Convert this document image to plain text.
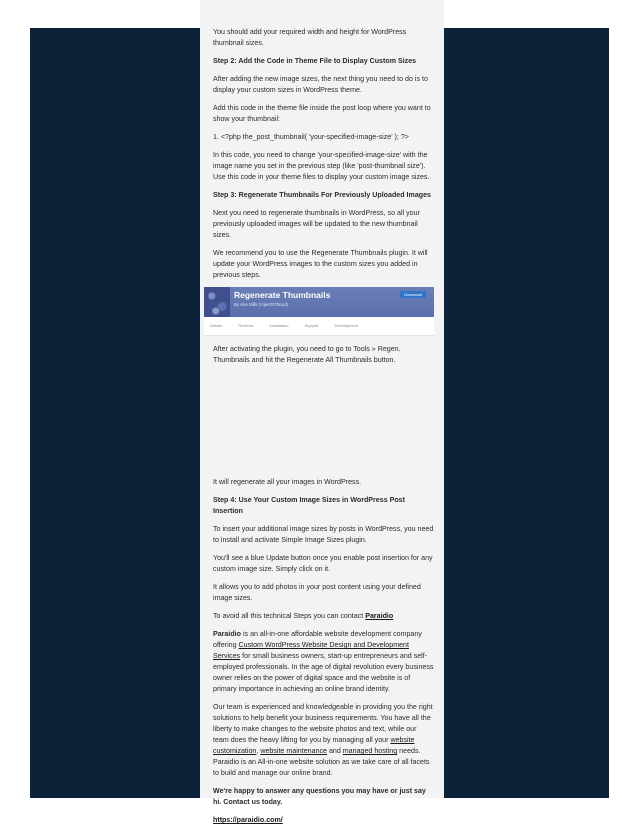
You should add your required width and height for WordPress thumbnail sizes.

Step 2: Add the Code in Theme File to Display Custom Sizes

After adding the new image sizes, the next thing you need to do is to display your custom sizes in WordPress theme.

Add this code in the theme file inside the post loop where you want to show your thumbnail:

1. <?php the_post_thumbnail( 'your-specified-image-size' ); ?>

In this code, you need to change 'your-specified-image-size' with the image name you set in the previous step (like 'post-thumbnail size'). Use this code in your theme files to display your custom image sizes.

Step 3: Regenerate Thumbnails For Previously Uploaded Images

Next you need to regenerate thumbnails in WordPress, so all your previously uploaded images will be updated to the new thumbnail sizes.

We recommend you to use the Regenerate Thumbnails plugin. It will update your WordPress images to the custom sizes you added in previous steps.

Regenerate Thumbnails
By Alex Mills (Viper007Bond)
Download
Details	Reviews	Installation	Support	Development

After activating the plugin, you need to go to Tools » Regen. Thumbnails and hit the Regenerate All Thumbnails button.

It will regenerate all your images in WordPress.

Step 4: Use Your Custom Image Sizes in WordPress Post Insertion

To insert your additional image sizes by posts in WordPress, you need to install and activate Simple Image Sizes plugin.

You'll see a blue Update button once you enable post insertion for any custom image size. Simply click on it.

It allows you to add photos in your post content using your defined image sizes.

To avoid all this technical Steps you can contact Paraidio

Paraidio is an all-in-one affordable website development company offering Custom WordPress Website Design and Development Services for small business owners, start-up entrepreneurs and self-employed professionals. In the age of digital revolution every business owner relies on the power of digital space and the website is of primary importance in achieving an online brand identity.

Our team is experienced and knowledgeable in providing you the right solutions to help benefit your business requirements. You have all the liberty to make changes to the website photos and text, while our team does the heavy lifting for you by managing all your website customization, website maintenance and managed hosting needs. Paraidio is an All-in-one website solution as we take care of all facets to build and manage our online brand.

We're happy to answer any questions you may have or just say hi. Contact us today.

https://paraidio.com/
